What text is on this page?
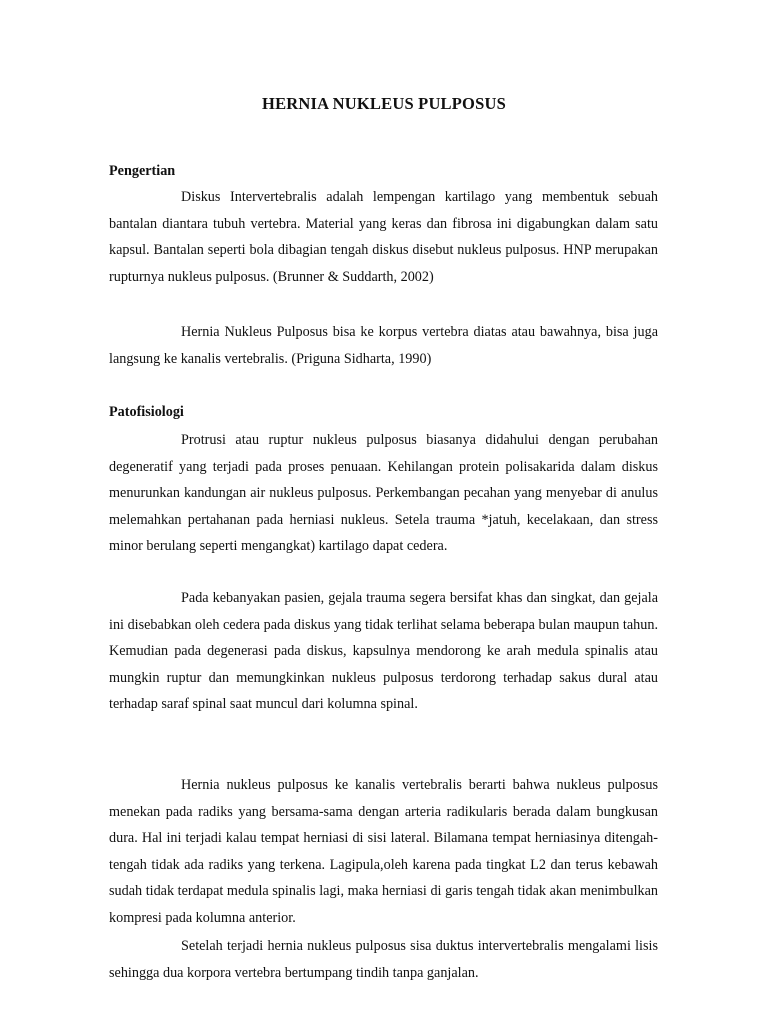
HERNIA NUKLEUS PULPOSUS
Pengertian

Diskus Intervertebralis adalah lempengan kartilago yang membentuk sebuah bantalan diantara tubuh vertebra. Material yang keras dan fibrosa ini digabungkan dalam satu kapsul. Bantalan seperti bola dibagian tengah diskus disebut nukleus pulposus. HNP merupakan rupturnya nukleus pulposus. (Brunner & Suddarth, 2002)

Hernia Nukleus Pulposus bisa ke korpus vertebra diatas atau bawahnya, bisa juga langsung ke kanalis vertebralis. (Priguna Sidharta, 1990)

Patofisiologi

Protrusi atau ruptur nukleus pulposus biasanya didahului dengan perubahan degeneratif yang terjadi pada proses penuaan. Kehilangan protein polisakarida dalam diskus menurunkan kandungan air nukleus pulposus. Perkembangan pecahan yang menyebar di anulus melemahkan pertahanan pada herniasi nukleus. Setela trauma *jatuh, kecelakaan, dan stress minor berulang seperti mengangkat) kartilago dapat cedera.

Pada kebanyakan pasien, gejala trauma segera bersifat khas dan singkat, dan gejala ini disebabkan oleh cedera pada diskus yang tidak terlihat selama beberapa bulan maupun tahun. Kemudian pada degenerasi pada diskus, kapsulnya mendorong ke arah medula spinalis atau mungkin ruptur dan memungkinkan nukleus pulposus terdorong terhadap sakus dural atau terhadap saraf spinal saat muncul dari kolumna spinal.

Hernia nukleus pulposus ke kanalis vertebralis berarti bahwa nukleus pulposus menekan pada radiks yang bersama-sama dengan arteria radikularis berada dalam bungkusan dura. Hal ini terjadi kalau tempat herniasi di sisi lateral. Bilamana tempat herniasinya ditengah-tengah tidak ada radiks yang terkena. Lagipula,oleh karena pada tingkat L2 dan terus kebawah sudah tidak terdapat medula spinalis lagi, maka herniasi di garis tengah tidak akan menimbulkan kompresi pada kolumna anterior.

Setelah terjadi hernia nukleus pulposus sisa duktus intervertebralis mengalami lisis sehingga dua korpora vertebra bertumpang tindih tanpa ganjalan.
